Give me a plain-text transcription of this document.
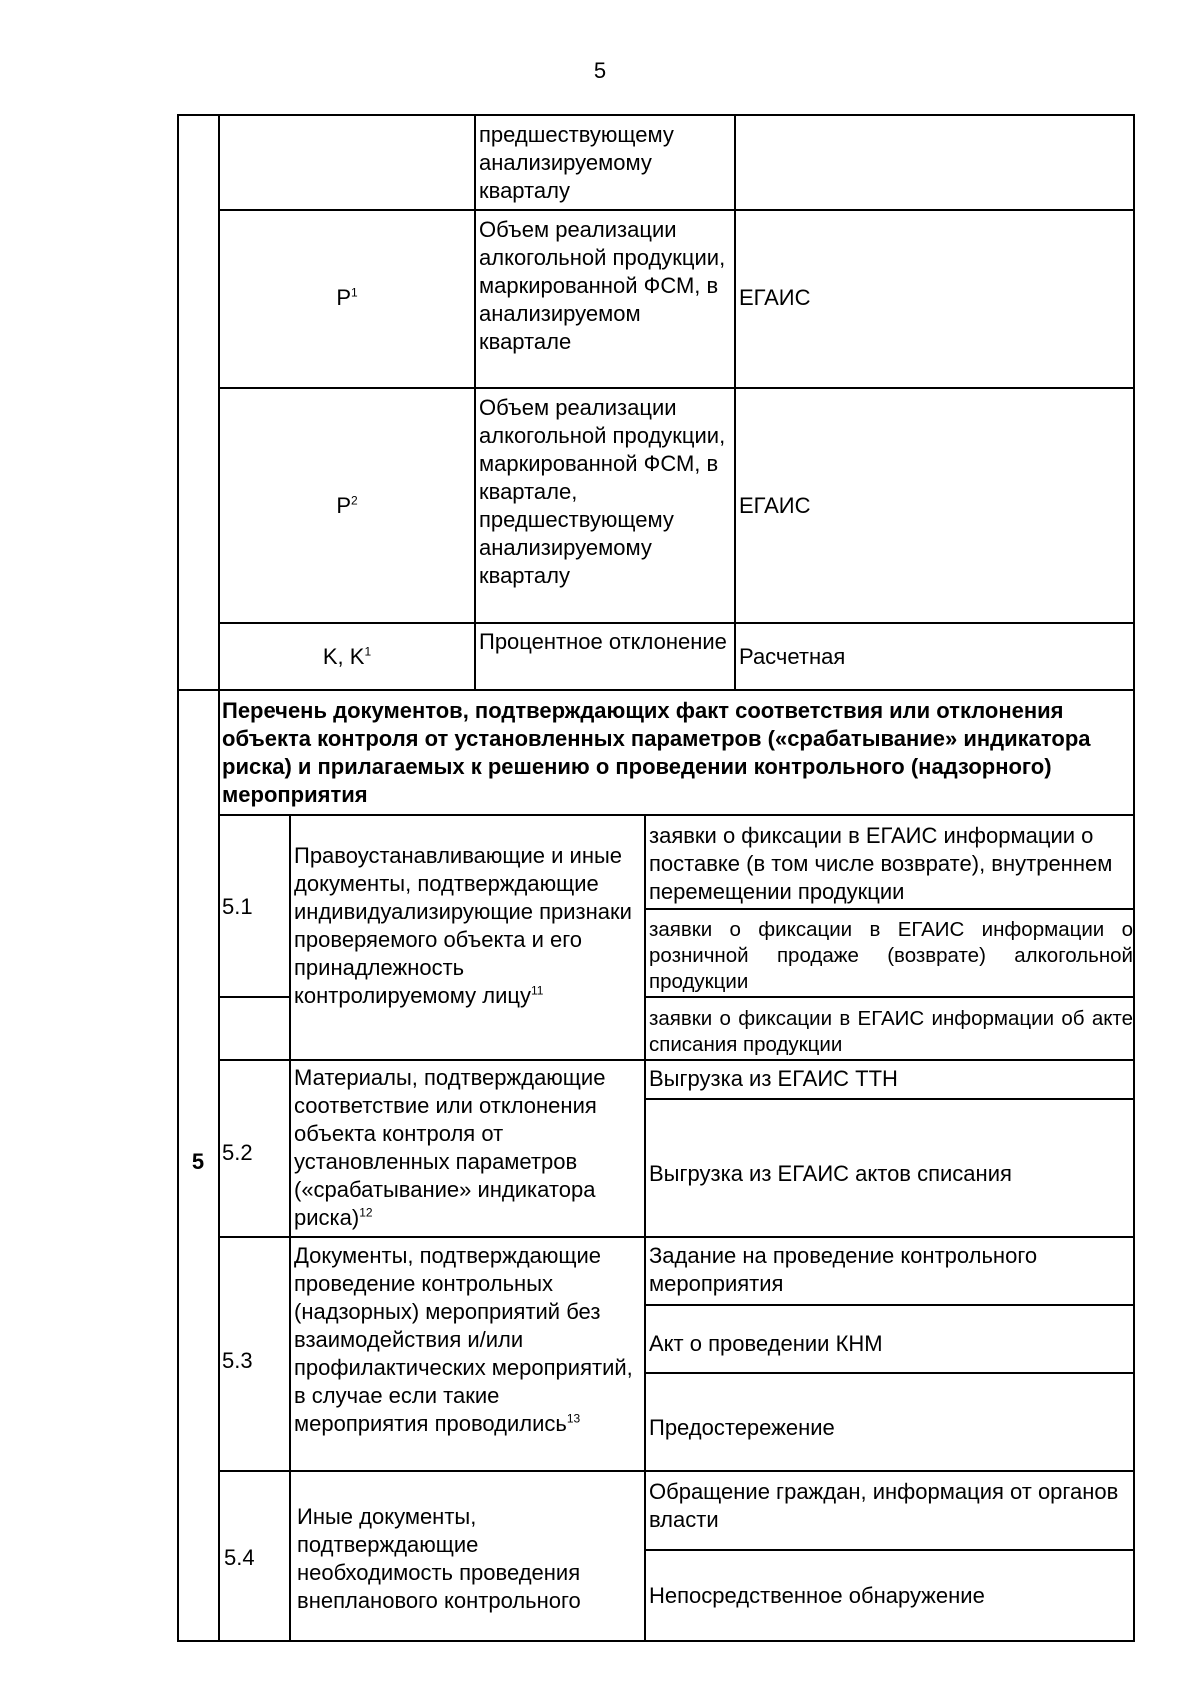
5
предшествующему анализируемому кварталу
$P^1$
Объем реализации алкогольной продукции, маркированной ФСМ, в анализируемом квартале
ЕГАИС
$P^2$
Объем реализации алкогольной продукции, маркированной ФСМ, в квартале, предшествующему анализируемому кварталу
ЕГАИС
K, $K^1$	Процентное отклонение
Расчетная
5
Перечень документов, подтверждающих факт соответствия или отклонения объекта контроля от установленных параметров («срабатывание» индикатора риска) и прилагаемых к решению о проведении контрольного (надзорного) мероприятия
5.1
Правоустанавливающие и иные документы, подтверждающие индивидуализирующие признаки проверяемого объекта и его принадлежность контролируемому лицу$^{11}$
заявки о фиксации в ЕГАИС информации о поставке (в том числе возврате), внутреннем перемещении продукции
заявки о фиксации в ЕГАИС информации о розничной продаже (возврате) алкогольной продукции
заявки о фиксации в ЕГАИС информации об акте списания продукции
5.2
Материалы, подтверждающие соответствие или отклонения объекта контроля от установленных параметров («срабатывание» индикатора риска)$^{12}$
Выгрузка из ЕГАИС ТТН
Выгрузка из ЕГАИС актов списания
5.3
Документы, подтверждающие проведение контрольных (надзорных) мероприятий без взаимодействия и/или профилактических мероприятий, в случае если такие мероприятия проводились$^{13}$
Задание на проведение контрольного мероприятия
Акт о проведении КНМ
Предостережение
5.4
Иные документы, подтверждающие необходимость проведения внепланового контрольного
Обращение граждан, информация от органов власти
Непосредственное обнаружение
